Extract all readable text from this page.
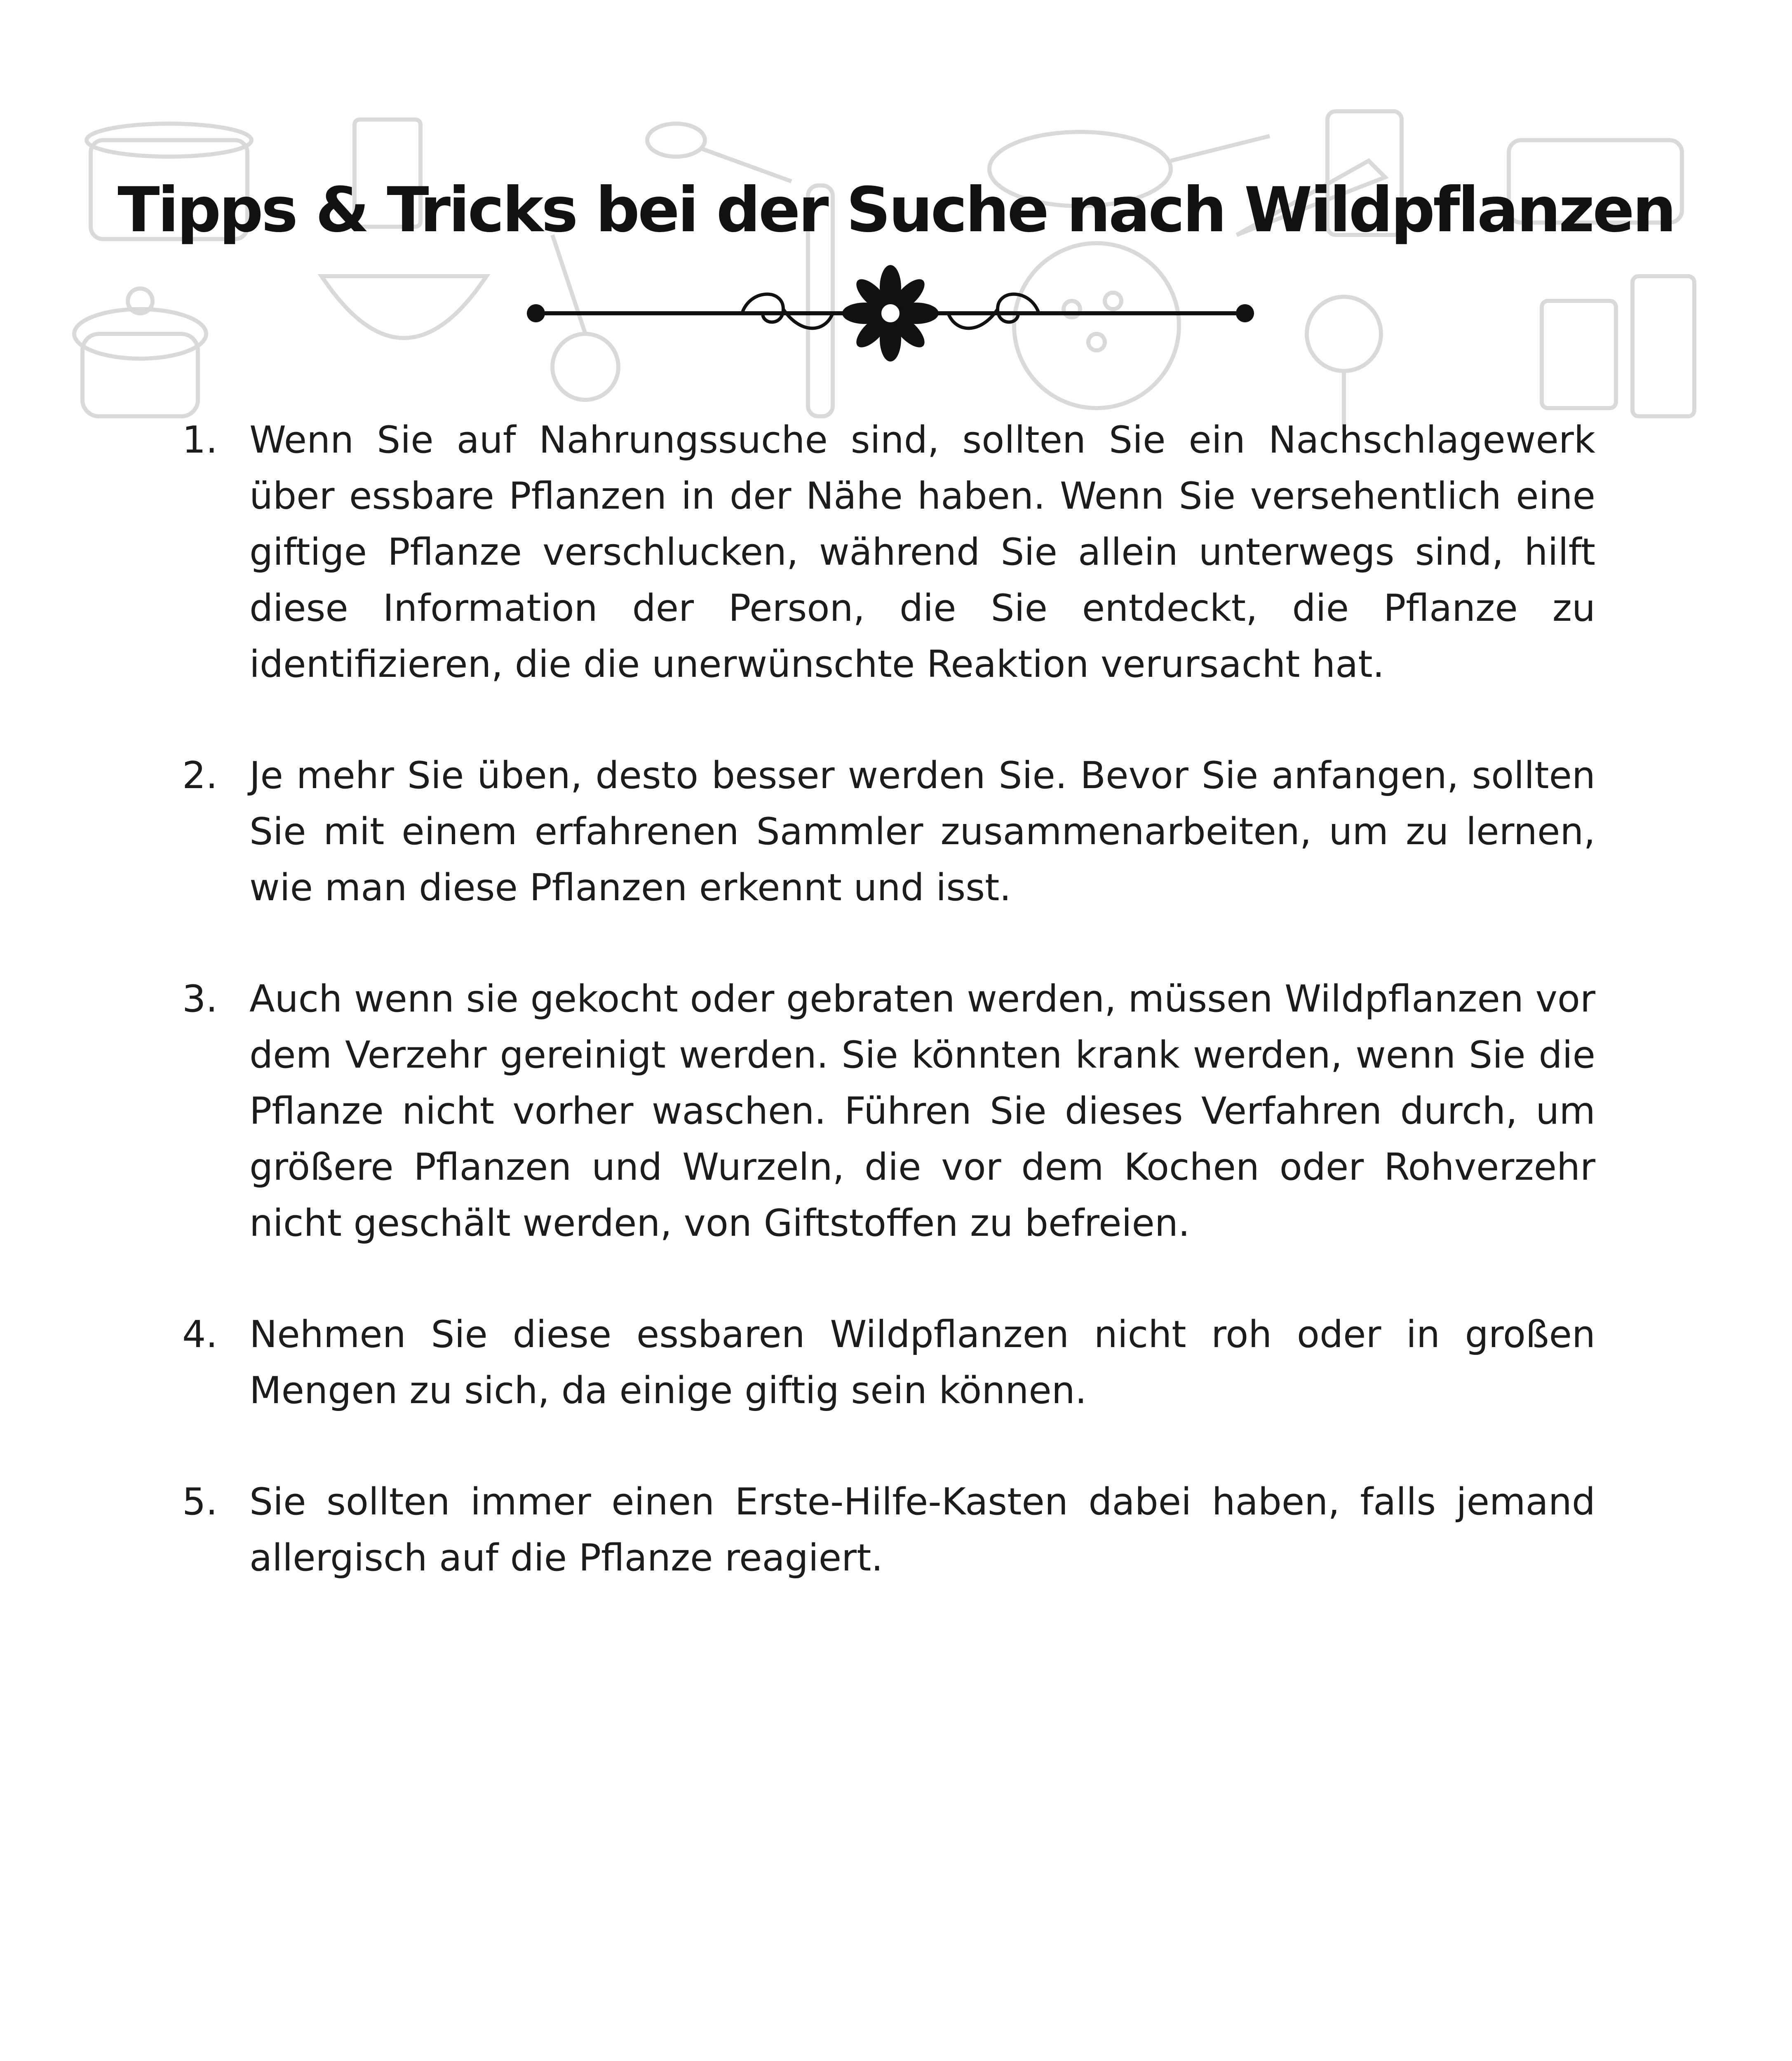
Tipps & Tricks bei der Suche nach Wildpflanzen
1. Wenn Sie auf Nahrungssuche sind, sollten Sie ein Nachschlagewerk über essbare Pflanzen in der Nähe haben. Wenn Sie versehentlich eine giftige Pflanze verschlucken, während Sie allein unterwegs sind, hilft diese Information der Person, die Sie entdeckt, die Pflanze zu identifizieren, die die unerwünschte Reaktion verursacht hat.
2. Je mehr Sie üben, desto besser werden Sie. Bevor Sie anfangen, sollten Sie mit einem erfahrenen Sammler zusammenarbeiten, um zu lernen, wie man diese Pflanzen erkennt und isst.
3. Auch wenn sie gekocht oder gebraten werden, müssen Wildpflanzen vor dem Verzehr gereinigt werden. Sie könnten krank werden, wenn Sie die Pflanze nicht vorher waschen. Führen Sie dieses Verfahren durch, um größere Pflanzen und Wurzeln, die vor dem Kochen oder Rohverzehr nicht geschält werden, von Giftstoffen zu befreien.
4. Nehmen Sie diese essbaren Wildpflanzen nicht roh oder in großen Mengen zu sich, da einige giftig sein können.
5. Sie sollten immer einen Erste-Hilfe-Kasten dabei haben, falls jemand allergisch auf die Pflanze reagiert.
